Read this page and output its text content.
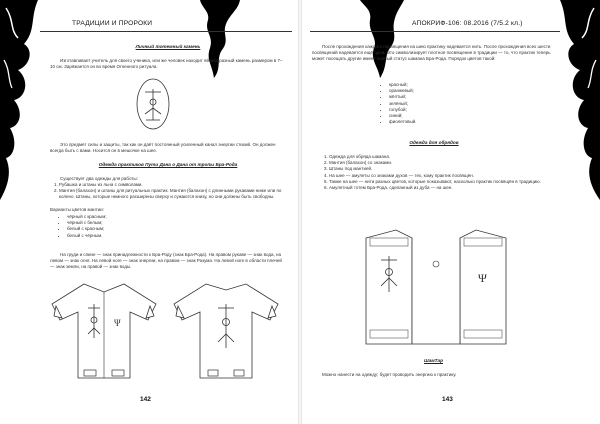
ТРАДИЦИИ И ПРОРОКИ
Личный тотемный камень

Изготавливает учитель для своего ученика, или же человек находит яйцеобразный камень размером в 7–10 см. Заряжается он во время Огненного ритуала.

Это предмет силы и защиты, так как он даёт постоянный усиленный канал энергии стихий. Он должен всегда быть с вами. Носится он в мешочке на шее.

Одежда практиков Пути Дана о Дана от тропы Бра-Рода

Существует два одежды для работы:

1. Рубашка и штаны из льна с символами.
2. Мантия (балахон) и штаны для ритуальных практик. Мантия (балахон) с длинными рукавами ниже или по колено. Штаны, которые немного расширены сверху и сужаются книзу, но они должны быть свободны.

Варианты цветов мантии:

• чёрный с красным;
• чёрный с белым;
• белый с красным;
• белый с чёрным.

На груди и спине — знак принадлежности к Бра-Роду (знак Бра-Рода). На правом рукаве — знак вода, на левом — знак огня. На левой ноге — знак энергии, на правом — знак Разума. На левой ноге в области плечей — знак земли, на правой — знак воды.

Ψ
142
АПОКРИФ-106: 08.2016 (7/5.2 кл.)

После прохождения каждого посвящения на шею практику надевается нить. После прохождения всех шести посвящений надевается ещё одна. Это символизирует плотное посвящение в традиции — то, что практик теперь может посещать другие имеет полный статус шамана Бра-Рода. Порядок цветов такой:

• красный;
• оранжевый;
• жёлтый;
• зелёный;
• голубой;
• синий;
• фиолетовый.
Одежда для обрядов
1. Одежда для обряда шамана.
2. Мантия (балахон) со знаками.
3. Штаны под мантией.
4. На шее — амулеты со знаками духов — тех, кому практик посвящён.
5. Также на шее — нити разных цветов, которые показывают, насколько практик посвящён в традицию.
6. Амулетный тотем Бра-Рода, сделанный из дуба — на шее.
Ψ
ШамТар

Можно нанести на одежду; будет проводить энергию к практику.

143
